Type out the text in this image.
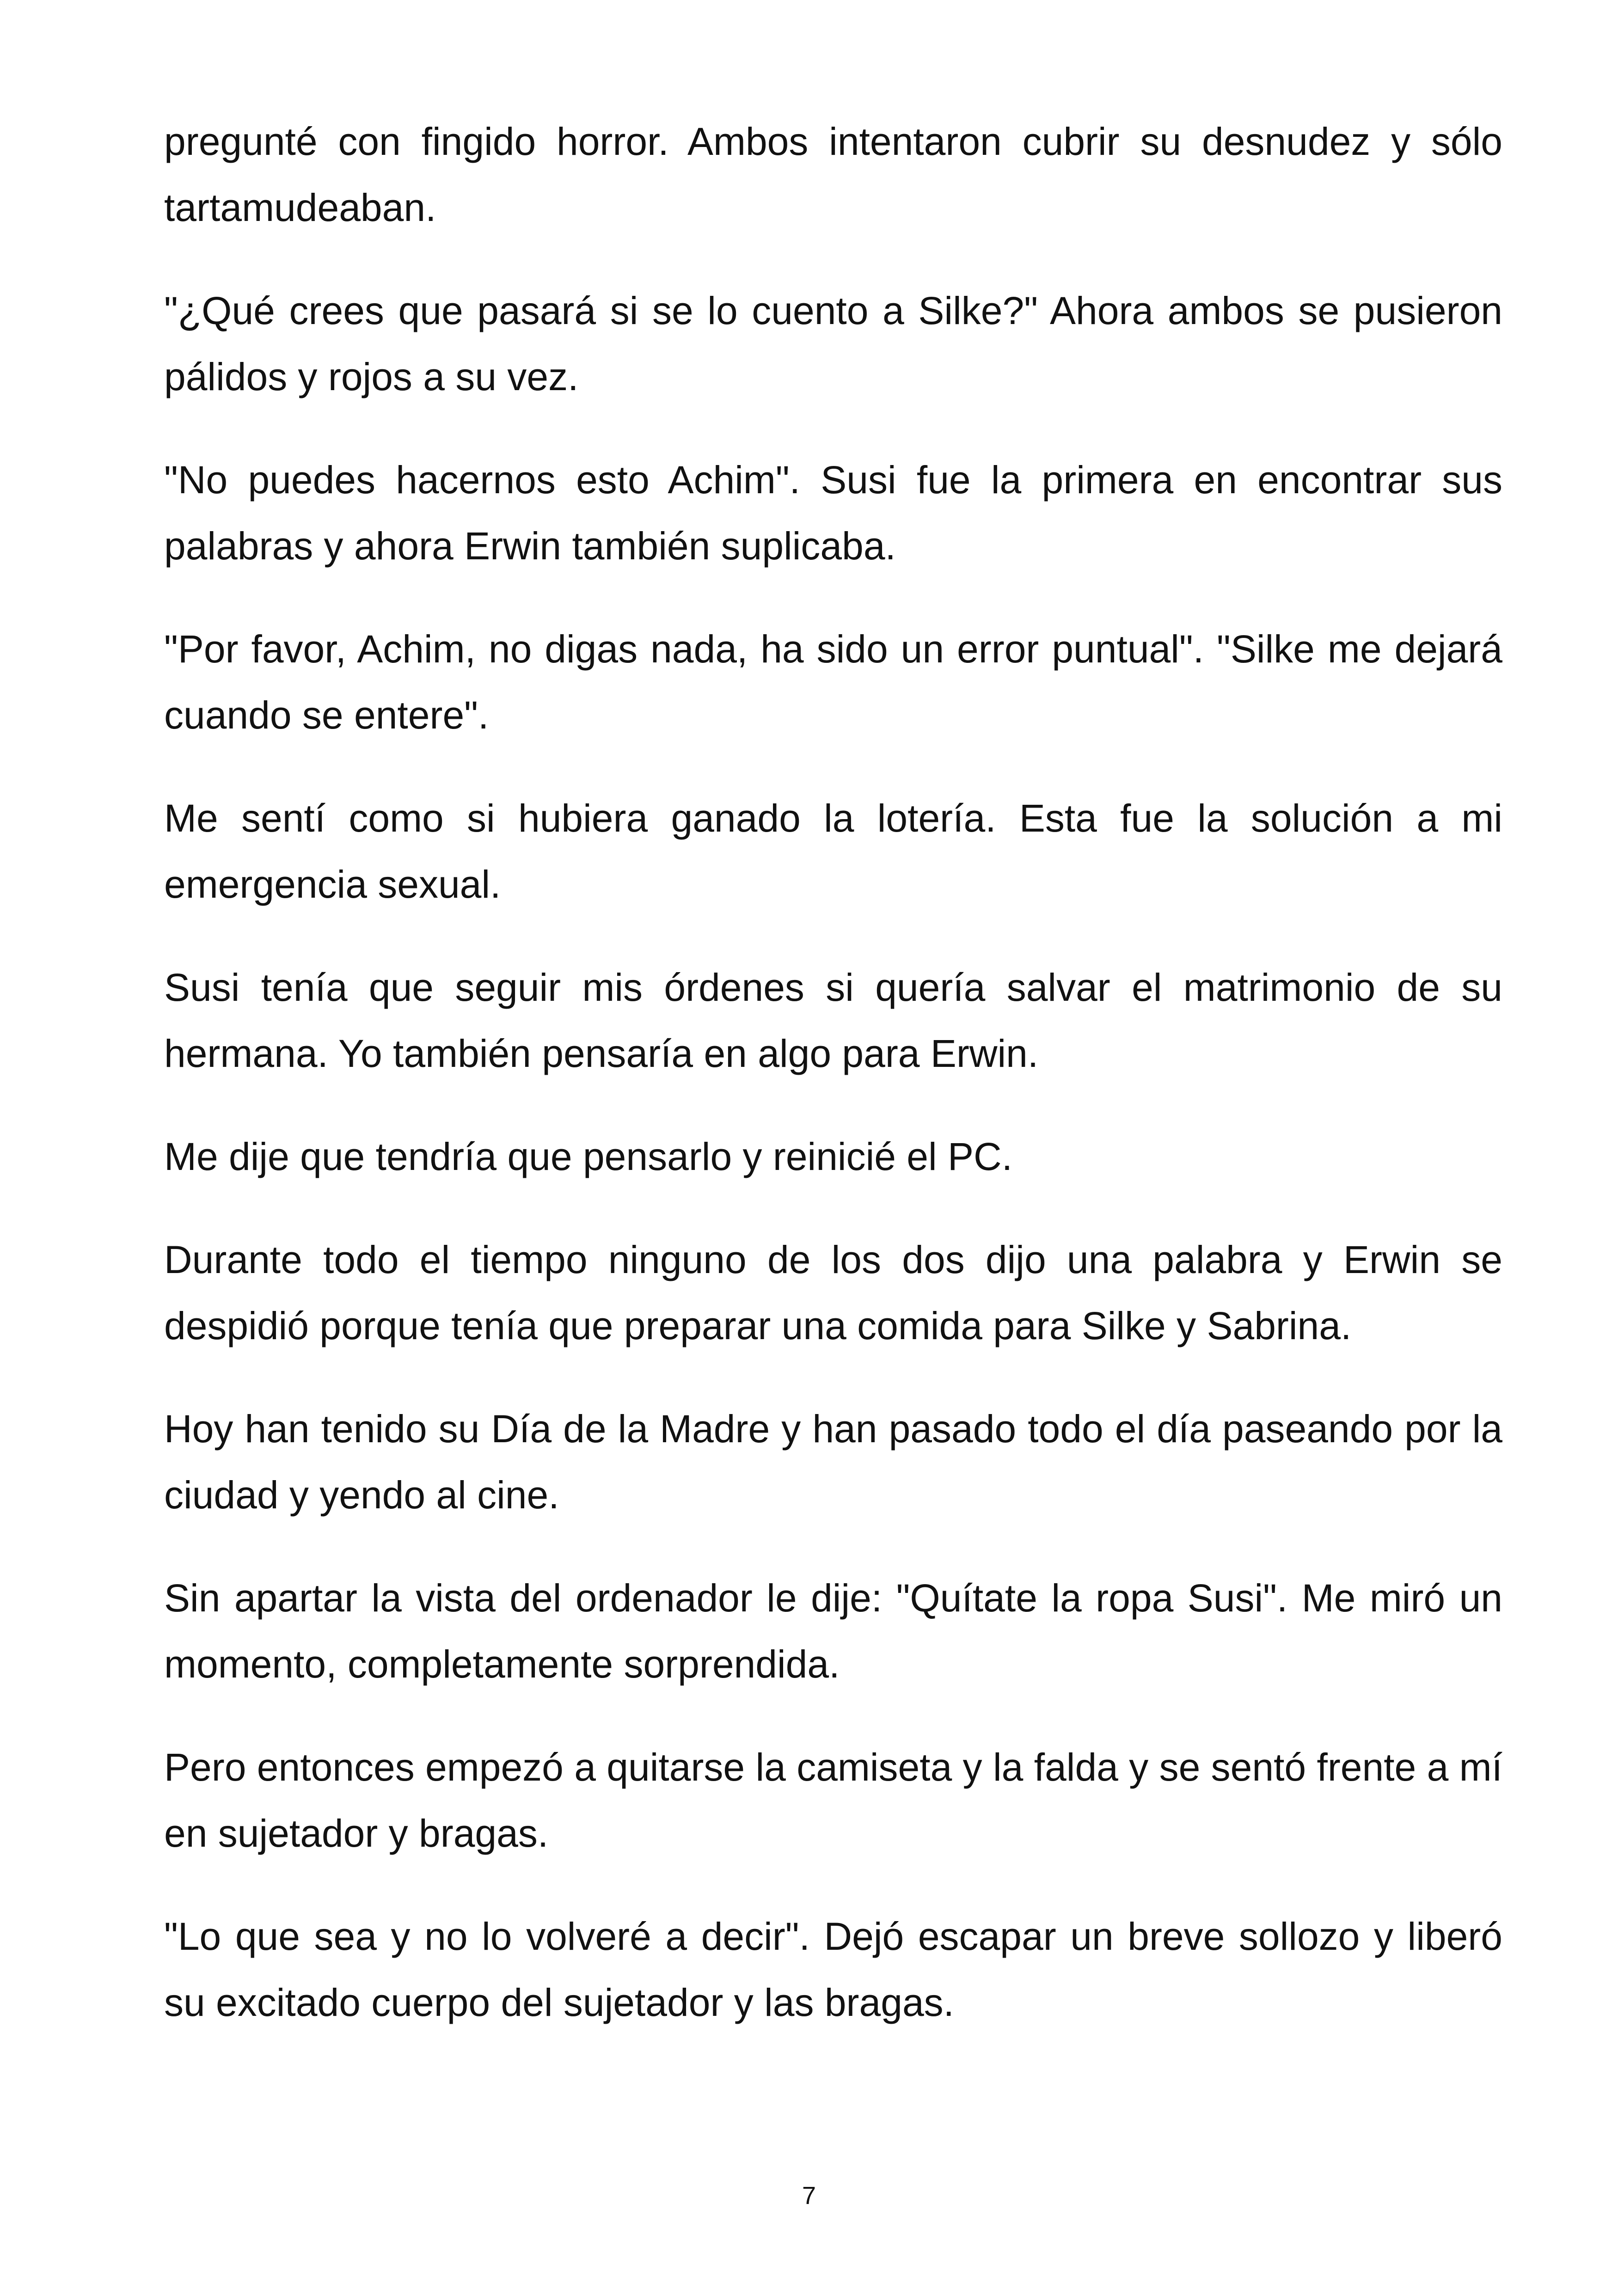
pregunté con fingido horror. Ambos intentaron cubrir su desnudez y sólo tartamudeaban.

"¿Qué crees que pasará si se lo cuento a Silke?" Ahora ambos se pusieron pálidos y rojos a su vez.

"No puedes hacernos esto Achim". Susi fue la primera en encontrar sus palabras y ahora Erwin también suplicaba.

"Por favor, Achim, no digas nada, ha sido un error puntual". "Silke me dejará cuando se entere".

Me sentí como si hubiera ganado la lotería. Esta fue la solución a mi emergencia sexual.

Susi tenía que seguir mis órdenes si quería salvar el matrimonio de su hermana. Yo también pensaría en algo para Erwin.

Me dije que tendría que pensarlo y reinicié el PC.

Durante todo el tiempo ninguno de los dos dijo una palabra y Erwin se despidió porque tenía que preparar una comida para Silke y Sabrina.

Hoy han tenido su Día de la Madre y han pasado todo el día paseando por la ciudad y yendo al cine.

Sin apartar la vista del ordenador le dije: "Quítate la ropa Susi". Me miró un momento, completamente sorprendida.

Pero entonces empezó a quitarse la camiseta y la falda y se sentó frente a mí en sujetador y bragas.

"Lo que sea y no lo volveré a decir". Dejó escapar un breve sollozo y liberó su excitado cuerpo del sujetador y las bragas.

7
